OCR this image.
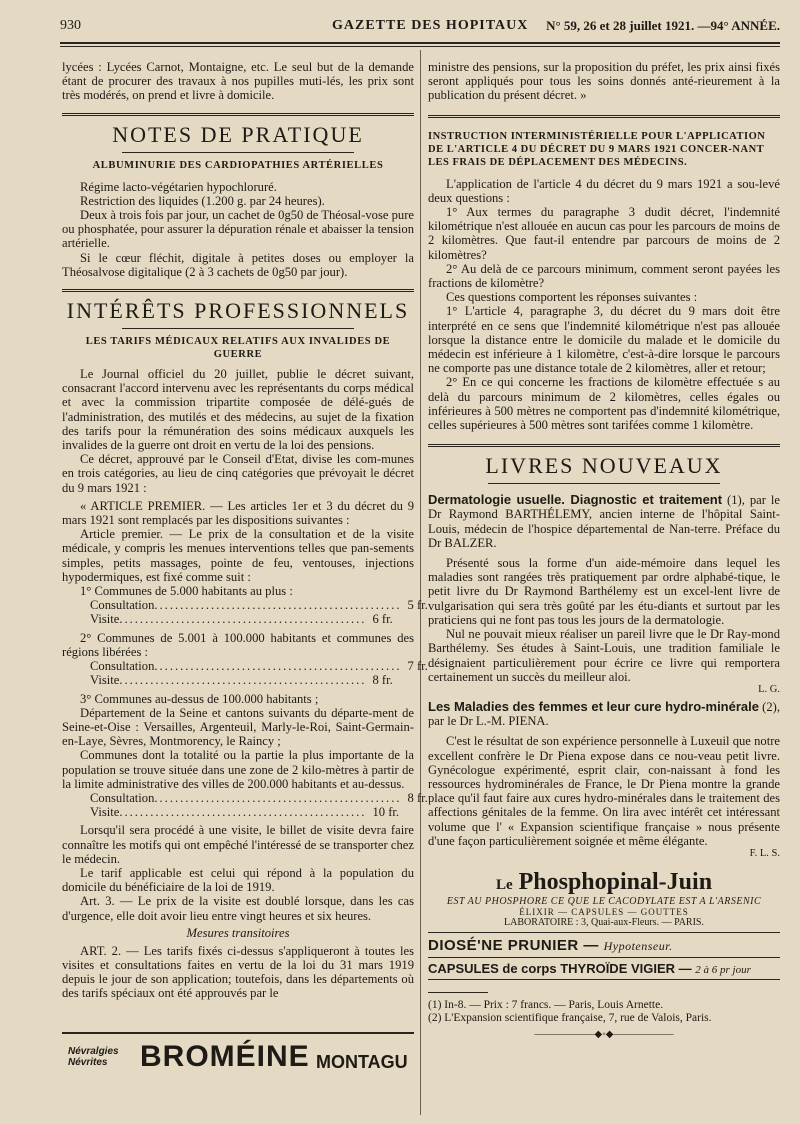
930	GAZETTE DES HOPITAUX N° 59, 26 et 28 juillet 1921. —94° ANNÉE.

lycées : Lycées Carnot, Montaigne, etc. Le seul but de la demande étant de procurer des travaux à nos pupilles muti-lés, les prix sont très modérés, on prend et livre à domicile.

NOTES DE PRATIQUE
ALBUMINURIE DES CARDIOPATHIES ARTÉRIELLES

Régime lacto-végétarien hypochloruré.

Restriction des liquides (1.200 g. par 24 heures).

Deux à trois fois par jour, un cachet de 0g50 de Théosal-vose pure ou phosphatée, pour assurer la dépuration rénale et abaisser la tension artérielle.

Si le cœur fléchit, digitale à petites doses ou employer la Théosalvose digitalique (2 à 3 cachets de 0g50 par jour).

INTÉRÊTS PROFESSIONNELS
LES TARIFS MÉDICAUX RELATIFS AUX INVALIDES DE GUERRE

Le Journal officiel du 20 juillet, publie le décret suivant, consacrant l'accord intervenu avec les représentants du corps médical et avec la commission tripartite composée de délé-gués de l'administration, des mutilés et des médecins, au sujet de la fixation des tarifs pour la rémunération des soins médicaux auxquels les invalides de la guerre ont droit en vertu de la loi des pensions.

Ce décret, approuvé par le Conseil d'Etat, divise les com-munes en trois catégories, au lieu de cinq catégories que prévoyait le décret du 9 mars 1921 :

« ARTICLE PREMIER. — Les articles 1er et 3 du décret du 9 mars 1921 sont remplacés par les dispositions suivantes :

Article premier. — Le prix de la consultation et de la visite médicale, y compris les menues interventions telles que pan-sements simples, petits massages, pointe de feu, ventouses, injections hypodermiques, est fixé comme suit :

1° Communes de 5.000 habitants au plus :

Consultation ................................................ 5 fr.
Visite ................................................ 6 fr.

2° Communes de 5.001 à 100.000 habitants et communes des régions libérées :

Consultation ................................................ 7 fr.
Visite ................................................ 8 fr.

3° Communes au-dessus de 100.000 habitants ;

Département de la Seine et cantons suivants du départe-ment de Seine-et-Oise : Versailles, Argenteuil, Marly-le-Roi, Saint-Germain-en-Laye, Sèvres, Montmorency, le Raincy ;

Communes dont la totalité ou la partie la plus importante de la population se trouve située dans une zone de 2 kilo-mètres à partir de la limite administrative des villes de 200.000 habitants et au-dessus.

Consultation ................................................ 8 fr.
Visite ................................................ 10 fr.

Lorsqu'il sera procédé à une visite, le billet de visite devra faire connaître les motifs qui ont empêché l'intéressé de se transporter chez le médecin.

Le tarif applicable est celui qui répond à la population du domicile du bénéficiaire de la loi de 1919.

Art. 3. — Le prix de la visite est doublé lorsque, dans les cas d'urgence, elle doit avoir lieu entre vingt heures et six heures.

Mesures transitoires

ART. 2. — Les tarifs fixés ci-dessus s'appliqueront à toutes les visites et consultations faites en vertu de la loi du 31 mars 1919 depuis le jour de son application; toutefois, dans les départements où des tarifs spéciaux ont été approuvés par le

Névralgies
Névrites	BROMÉINE MONTAGU

ministre des pensions, sur la proposition du préfet, les prix ainsi fixés seront appliqués pour tous les soins donnés anté-rieurement à la publication du présent décret. »

INSTRUCTION INTERMINISTÉRIELLE POUR L'APPLICATION DE L'ARTICLE 4 DU DÉCRET DU 9 MARS 1921 CONCER-NANT LES FRAIS DE DÉPLACEMENT DES MÉDECINS.

L'application de l'article 4 du décret du 9 mars 1921 a sou-levé deux questions :

1° Aux termes du paragraphe 3 dudit décret, l'indemnité kilométrique n'est allouée en aucun cas pour les parcours de moins de 2 kilomètres. Que faut-il entendre par parcours de moins de 2 kilomètres?

2° Au delà de ce parcours minimum, comment seront payées les fractions de kilomètre?

Ces questions comportent les réponses suivantes :

1° L'article 4, paragraphe 3, du décret du 9 mars doit être interprété en ce sens que l'indemnité kilométrique n'est pas allouée lorsque la distance entre le domicile du malade et le domicile du médecin est inférieure à 1 kilomètre, c'est-à-dire lorsque le parcours ne comporte pas une distance totale de 2 kilomètres, aller et retour;

2° En ce qui concerne les fractions de kilomètre effectuée s au delà du parcours minimum de 2 kilomètres, celles égales ou inférieures à 500 mètres ne comportent pas d'indemnité kilométrique, celles supérieures à 500 mètres sont tarifées comme 1 kilomètre.

LIVRES NOUVEAUX

Dermatologie usuelle. Diagnostic et traitement (1), par le Dr Raymond BARTHÉLEMY, ancien interne de l'hôpital Saint-Louis, médecin de l'hospice départemental de Nan-terre. Préface du Dr BALZER.

Présenté sous la forme d'un aide-mémoire dans lequel les maladies sont rangées très pratiquement par ordre alphabé-tique, le petit livre du Dr Raymond Barthélemy est un excel-lent livre de vulgarisation qui sera très goûté par les étu-diants et surtout par les praticiens qui ne font pas tous les jours de la dermatologie.

Nul ne pouvait mieux réaliser un pareil livre que le Dr Ray-mond Barthélemy. Ses études à Saint-Louis, une tradition familiale le désignaient particulièrement pour écrire ce livre qui remportera certainement un succès du meilleur aloi.

L. G.

Les Maladies des femmes et leur cure hydro-minérale (2), par le Dr L.-M. PIENA.

C'est le résultat de son expérience personnelle à Luxeuil que notre excellent confrère le Dr Piena expose dans ce nou-veau petit livre. Gynécologue expérimenté, esprit clair, con-naissant à fond les ressources hydrominérales de France, le Dr Piena montre la grande place qu'il faut faire aux cures hydro-minérales dans le traitement des affections génitales de la femme. On lira avec intérêt cet intéressant volume que l' « Expansion scientifique française » nous présente d'une façon particulièrement soignée et même élégante.

F. L. S.
Le Phosphopinal-Juin
EST AU PHOSPHORE CE QUE LE CACODYLATE EST A L'ARSENIC
ÉLIXIR — CAPSULES — GOUTTES
LABORATOIRE : 3, Quai-aux-Fleurs. — PARIS.
DIOSÉ'NE PRUNIER — Hypotenseur.
CAPSULES de corps THYROÏDE VIGIER — 2 à 6 pr jour
(1) In-8. — Prix : 7 francs. — Paris, Louis Arnette.
(2) L'Expansion scientifique française, 7, rue de Valois, Paris.
——————◆◦◆——————
